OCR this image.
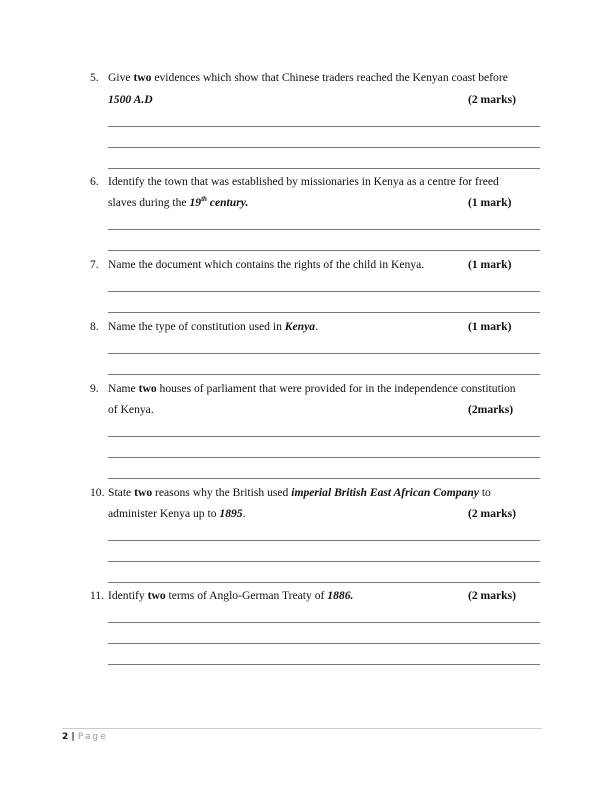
5. Give two evidences which show that Chinese traders reached the Kenyan coast before
1500 A.D	(2 marks)
6. Identify the town that was established by missionaries in Kenya as a centre for freed
slaves during the 19th century.	(1 mark)
7. Name the document which contains the rights of the child in Kenya.	(1 mark)
8. Name the type of constitution used in Kenya.	(1 mark)
9. Name two houses of parliament that were provided for in the independence constitution
of Kenya.	(2marks)
10. State two reasons why the British used imperial British East African Company to
administer Kenya up to 1895.	(2 marks)
11. Identify two terms of Anglo-German Treaty of 1886.	(2 marks)
2 | Page
